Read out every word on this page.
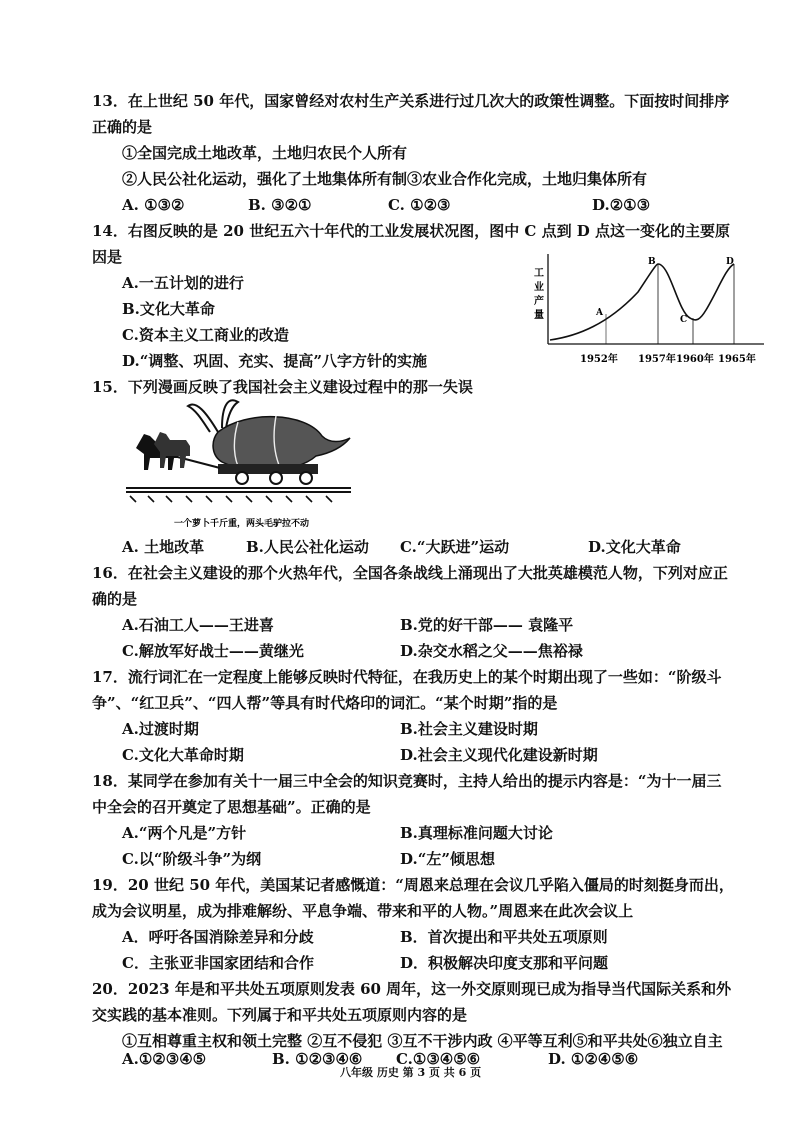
13．在上世纪 50 年代，国家曾经对农村生产关系进行过几次大的政策性调整。下面按时间排序
正确的是
①全国完成土地改革，土地归农民个人所有
②人民公社化运动，强化了土地集体所有制③农业合作化完成，土地归集体所有
A. ①③②	B. ③②①	C. ①②③	D.②①③
14．右图反映的是 20 世纪五六十年代的工业发展状况图，图中 C 点到 D 点这一变化的主要原
因是
A.一五计划的进行
B.文化大革命
C.资本主义工商业的改造
D.“调整、巩固、充实、提高”八字方针的实施
工
业
产
量	A
B
C
D
1952年 1957年 1960年 1965年
15．下列漫画反映了我国社会主义建设过程中的那一失误
一个萝卜千斤重，两头毛驴拉不动
A. 土地改革	B.人民公社化运动 C.“大跃进”运动	D.文化大革命
16．在社会主义建设的那个火热年代，全国各条战线上涌现出了大批英雄模范人物，下列对应正
确的是
A.石油工人——王进喜	B.党的好干部—— 袁隆平
C.解放军好战士——黄继光	D.杂交水稻之父——焦裕禄
17．流行词汇在一定程度上能够反映时代特征，在我历史上的某个时期出现了一些如：“阶级斗
争”、“红卫兵”、“四人帮”等具有时代烙印的词汇。“某个时期”指的是
A.过渡时期	B.社会主义建设时期
C.文化大革命时期	D.社会主义现代化建设新时期
18．某同学在参加有关十一届三中全会的知识竞赛时，主持人给出的提示内容是：“为十一届三
中全会的召开奠定了思想基础”。正确的是
A.“两个凡是”方针	B.真理标准问题大讨论
C.以“阶级斗争”为纲	D.“左”倾思想
19．20 世纪 50 年代，美国某记者感慨道：“周恩来总理在会议几乎陷入僵局的时刻挺身而出，
成为会议明星，成为排难解纷、平息争端、带来和平的人物。”周恩来在此次会议上
A．呼吁各国消除差异和分歧	B．首次提出和平共处五项原则
C．主张亚非国家团结和合作	D．积极解决印度支那和平问题
20．2023 年是和平共处五项原则发表 60 周年，这一外交原则现已成为指导当代国际关系和外
交实践的基本准则。下列属于和平共处五项原则内容的是
①互相尊重主权和领土完整 ②互不侵犯 ③互不干涉内政 ④平等互利⑤和平共处⑥独立自主
A.①②③④⑤	B. ①②③④⑥ C.①③④⑤⑥	D. ①②④⑤⑥
八年级 历史 第 3 页 共 6 页
